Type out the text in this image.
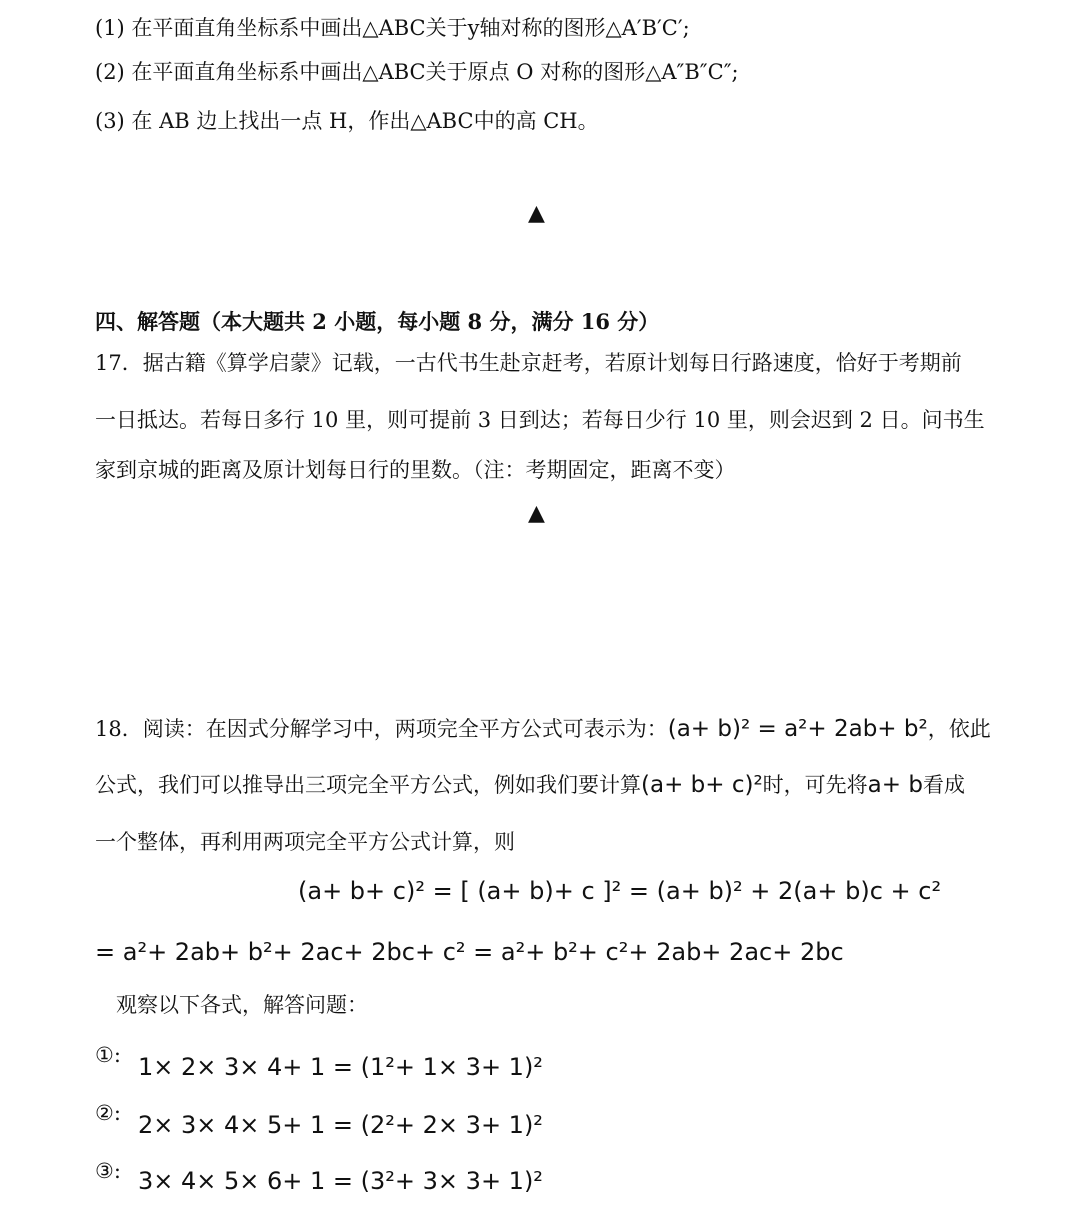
(1) 在平面直角坐标系中画出△ABC关于y轴对称的图形△A′B′C′;
(2) 在平面直角坐标系中画出△ABC关于原点 O 对称的图形△A″B″C″;
(3) 在 AB 边上找出一点 H，作出△ABC中的高 CH。
▲
四、解答题（本大题共 2 小题，每小题 8 分，满分 16 分）
17．据古籍《算学启蒙》记载，一古代书生赴京赶考，若原计划每日行路速度，恰好于考期前
一日抵达。若每日多行 10 里，则可提前 3 日到达；若每日少行 10 里，则会迟到 2 日。问书生
家到京城的距离及原计划每日行的里数。（注：考期固定，距离不变）
▲
18．阅读：在因式分解学习中，两项完全平方公式可表示为：(a+ b)² = a²+ 2ab+ b²，依此
公式，我们可以推导出三项完全平方公式，例如我们要计算(a+ b+ c)²时，可先将a+ b看成
一个整体，再利用两项完全平方公式计算，则
(a+ b+ c)² = [ (a+ b)+ c ]² = (a+ b)² + 2(a+ b)c + c²
= a²+ 2ab+ b²+ 2ac+ 2bc+ c² = a²+ b²+ c²+ 2ab+ 2ac+ 2bc
观察以下各式，解答问题：
①: 1× 2× 3× 4+ 1 = (1²+ 1× 3+ 1)²
②: 2× 3× 4× 5+ 1 = (2²+ 2× 3+ 1)²
③: 3× 4× 5× 6+ 1 = (3²+ 3× 3+ 1)²
